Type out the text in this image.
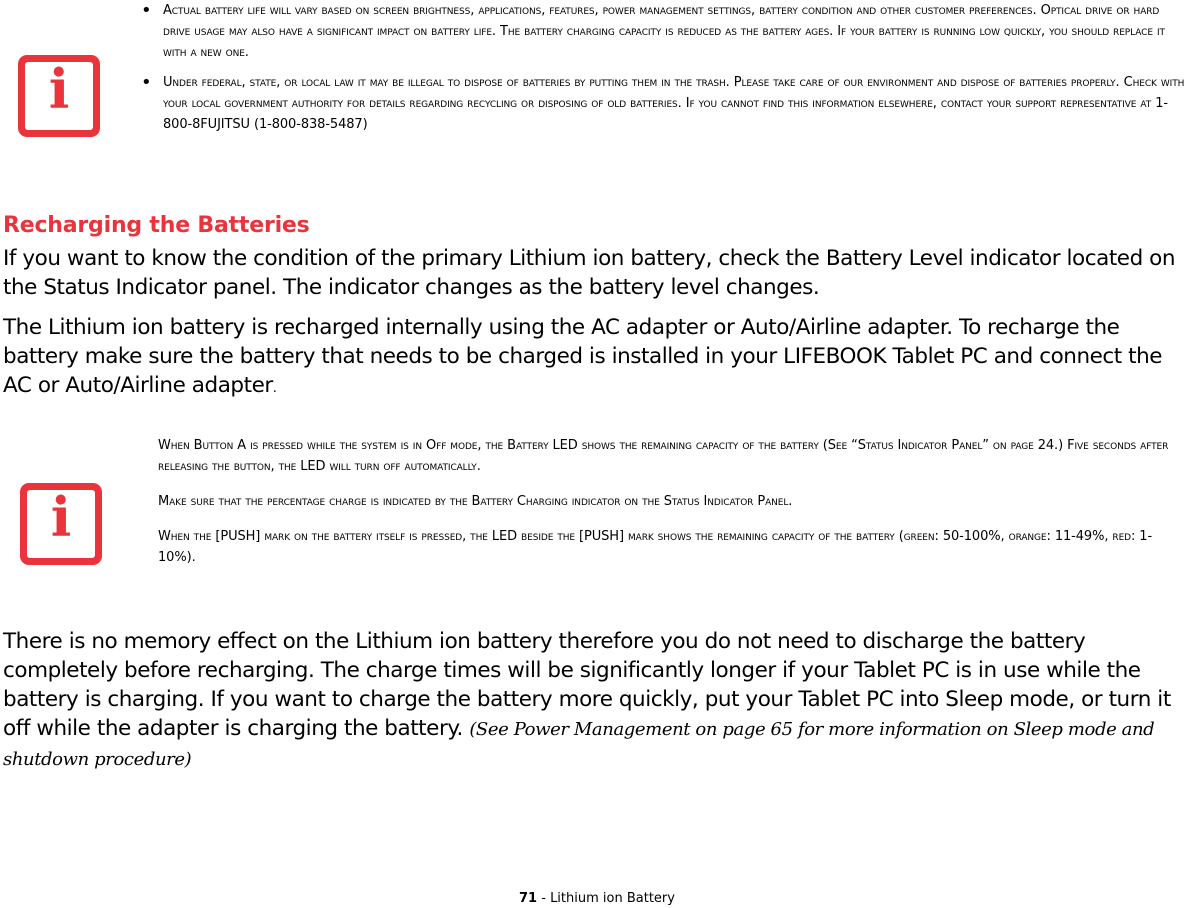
i
• Actual battery life will vary based on screen brightness, applications, features, power management settings, battery condition and other customer preferences. Optical drive or hard drive usage may also have a significant impact on battery life. The battery charging capacity is reduced as the battery ages. If your battery is running low quickly, you should replace it with a new one.

• Under federal, state, or local law it may be illegal to dispose of batteries by putting them in the trash. Please take care of our environment and dispose of batteries properly. Check with your local government authority for details regarding recycling or disposing of old batteries. If you cannot find this information elsewhere, contact your support representative at 1-800-8FUJITSU (1-800-838-5487)

Recharging the Batteries

If you want to know the condition of the primary Lithium ion battery, check the Battery Level indicator located on the Status Indicator panel. The indicator changes as the battery level changes.

The Lithium ion battery is recharged internally using the AC adapter or Auto/Airline adapter. To recharge the battery make sure the battery that needs to be charged is installed in your LIFEBOOK Tablet PC and connect the AC or Auto/Airline adapter.

i

When Button A is pressed while the system is in Off mode, the Battery LED shows the remaining capacity of the battery (See “Status Indicator Panel” on page 24.) Five seconds after releasing the button, the LED will turn off automatically.

Make sure that the percentage charge is indicated by the Battery Charging indicator on the Status Indicator Panel.

When the [PUSH] mark on the battery itself is pressed, the LED beside the [PUSH] mark shows the remaining capacity of the battery (green: 50-100%, orange: 11-49%, red: 1-10%).

There is no memory effect on the Lithium ion battery therefore you do not need to discharge the battery completely before recharging. The charge times will be significantly longer if your Tablet PC is in use while the battery is charging. If you want to charge the battery more quickly, put your Tablet PC into Sleep mode, or turn it off while the adapter is charging the battery. (See Power Management on page 65 for more information on Sleep mode and shutdown procedure)

71 - Lithium ion Battery
